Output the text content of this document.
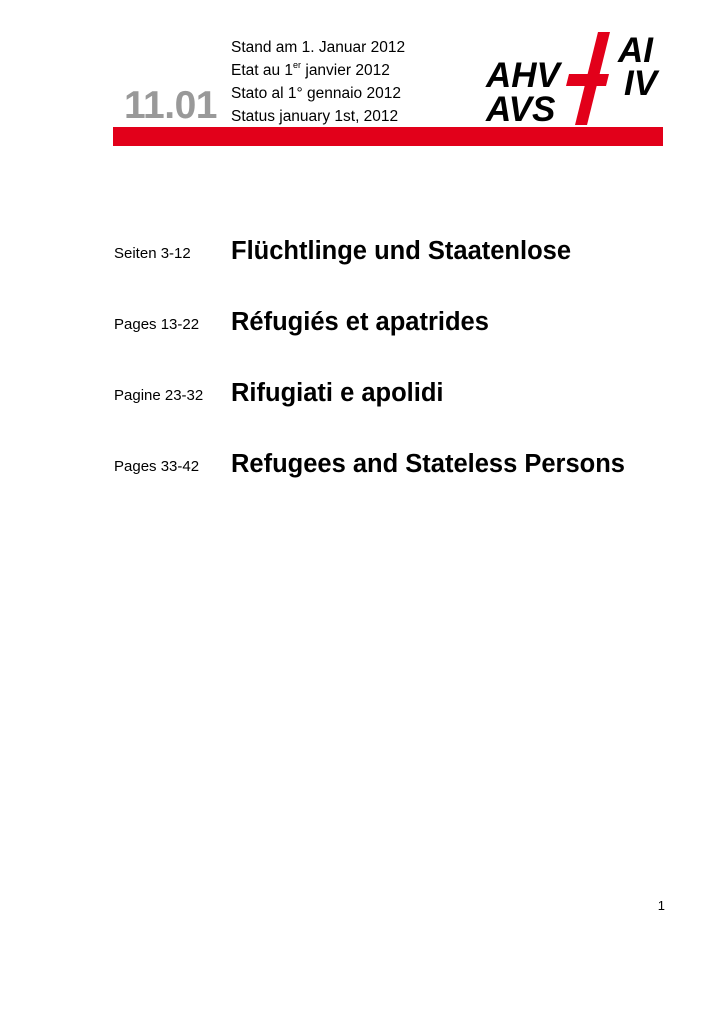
11.01
Stand am 1. Januar 2012
Etat au 1er janvier 2012
Stato al 1° gennaio 2012
Status january 1st, 2012
AHV
AVS
AI
IV
Seiten 3-12 Flüchtlinge und Staatenlose
Pages 13-22 Réfugiés et apatrides
Pagine 23-32 Rifugiati e apolidi
Pages 33-42 Refugees and Stateless Persons
1
